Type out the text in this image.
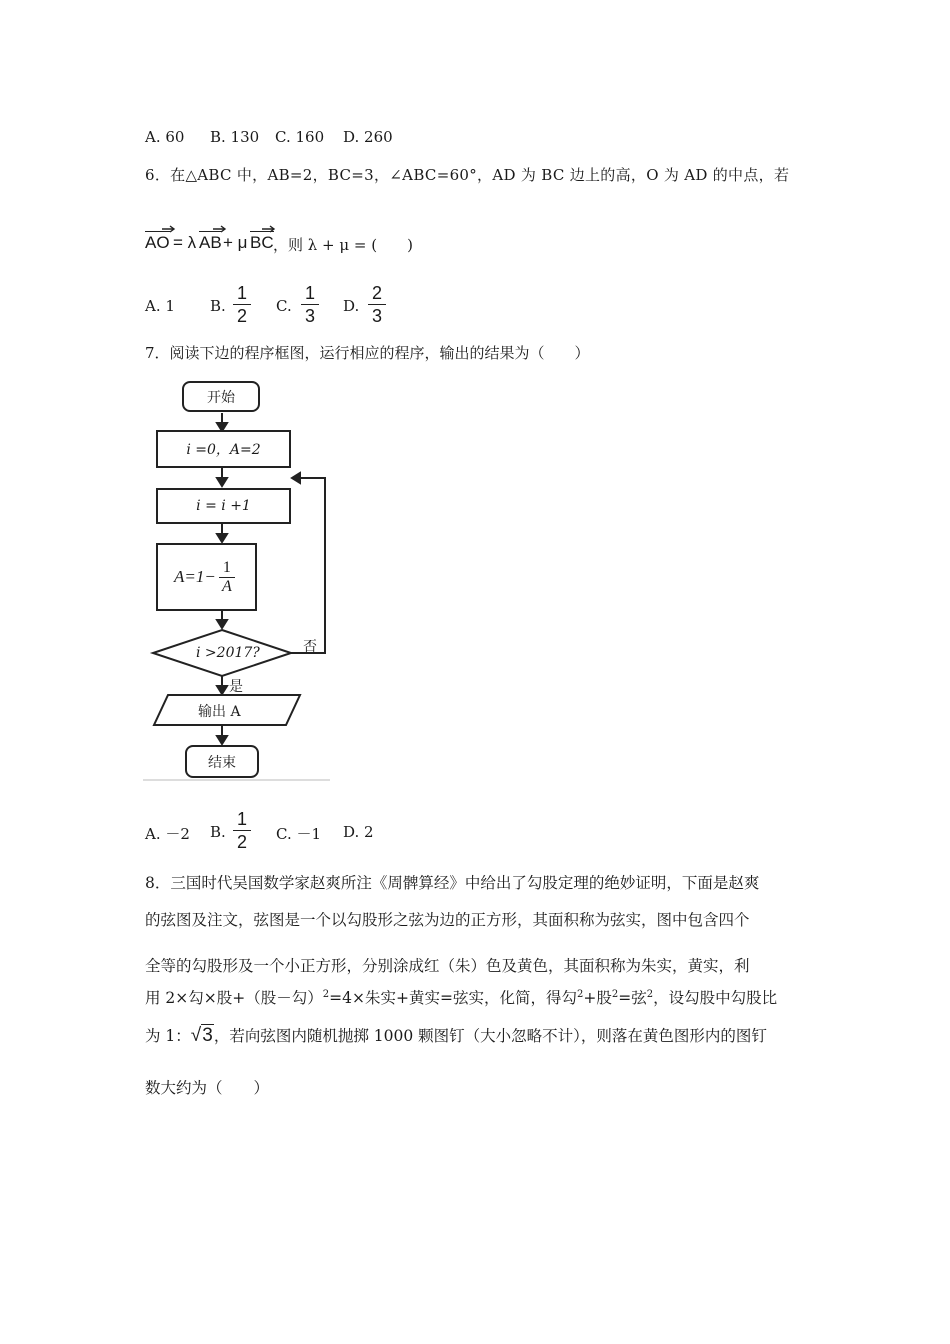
A. 60 B. 130 C. 160 D. 260
6．在△ABC 中，AB=2，BC=3，∠ABC=60°，AD 为 BC 边上的高，O 为 AD 的中点，若
AO = λ AB + μ BC ，则 λ + μ = (　　)
A. 1 B.
1
2 C.
1
3 D.
2
3
7．阅读下边的程序框图，运行相应的程序，输出的结果为（　　）
开始
i =0，A=2
i = i +1
A=1− 1
A
i >2017?	否
是
输出 A
结束
A. －2 B.
1
2 C. －1 D. 2
8．三国时代吴国数学家赵爽所注《周髀算经》中给出了勾股定理的绝妙证明，下面是赵爽
的弦图及注文，弦图是一个以勾股形之弦为边的正方形，其面积称为弦实，图中包含四个
全等的勾股形及一个小正方形，分别涂成红（朱）色及黄色，其面积称为朱实，黄实，利
用 2×勾×股+（股－勾）$^2$=4×朱实+黄实=弦实，化简，得勾$^2$+股$^2$=弦$^2$，设勾股中勾股比
为 1：√3，若向弦图内随机抛掷 1000 颗图钉（大小忽略不计），则落在黄色图形内的图钉
数大约为（　　）
